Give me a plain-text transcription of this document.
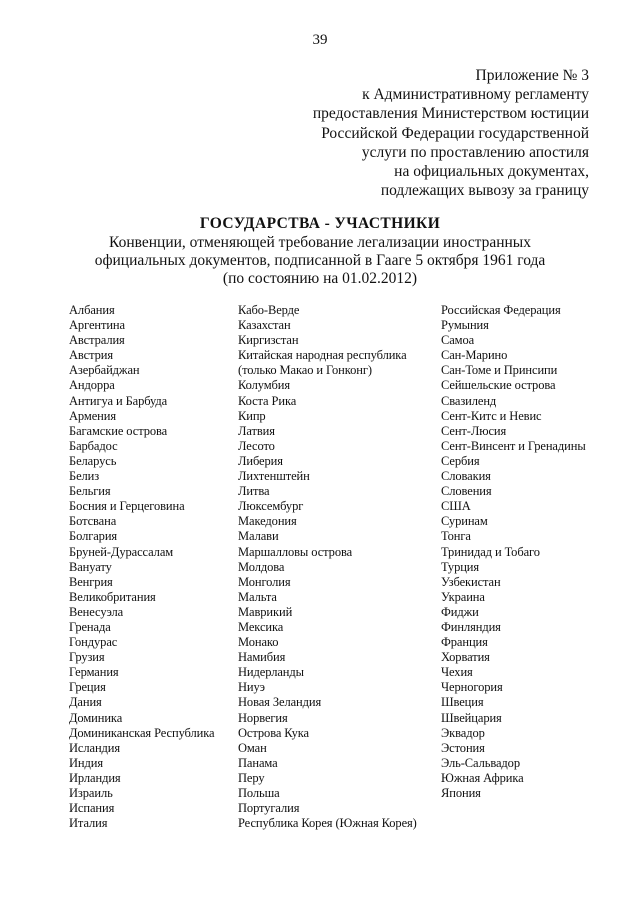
39
Приложение № 3
к Административному регламенту
предоставления Министерством юстиции
Российской Федерации государственной
услуги по проставлению апостиля
на официальных документах,
подлежащих вывозу за границу
ГОСУДАРСТВА - УЧАСТНИКИ
Конвенции, отменяющей требование легализации иностранных
официальных документов, подписанной в Гааге 5 октября 1961 года
(по состоянию на 01.02.2012)
Албания
Аргентина
Австралия
Австрия
Азербайджан
Андорра
Антигуа и Барбуда
Армения
Багамские острова
Барбадос
Беларусь
Белиз
Бельгия
Босния и Герцеговина
Ботсвана
Болгария
Бруней-Дурассалам
Вануату
Венгрия
Великобритания
Венесуэла
Гренада
Гондурас
Грузия
Германия
Греция
Дания
Доминика
Доминиканская Республика
Исландия
Индия
Ирландия
Израиль
Испания
Италия
Кабо-Верде
Казахстан
Киргизстан
Китайская народная республика
(только Макао и Гонконг)
Колумбия
Коста Рика
Кипр
Латвия
Лесото
Либерия
Лихтенштейн
Литва
Люксембург
Македония
Малави
Маршалловы острова
Молдова
Монголия
Мальта
Маврикий
Мексика
Монако
Намибия
Нидерланды
Ниуэ
Новая Зеландия
Норвегия
Острова Кука
Оман
Панама
Перу
Польша
Португалия
Республика Корея (Южная Корея)
Российская Федерация
Румыния
Самоа
Сан-Марино
Сан-Томе и Принсипи
Сейшельские острова
Свазиленд
Сент-Китс и Невис
Сент-Люсия
Сент-Винсент и Гренадины
Сербия
Словакия
Словения
США
Суринам
Тонга
Тринидад и Тобаго
Турция
Узбекистан
Украина
Фиджи
Финляндия
Франция
Хорватия
Чехия
Черногория
Швеция
Швейцария
Эквадор
Эстония
Эль-Сальвадор
Южная Африка
Япония
